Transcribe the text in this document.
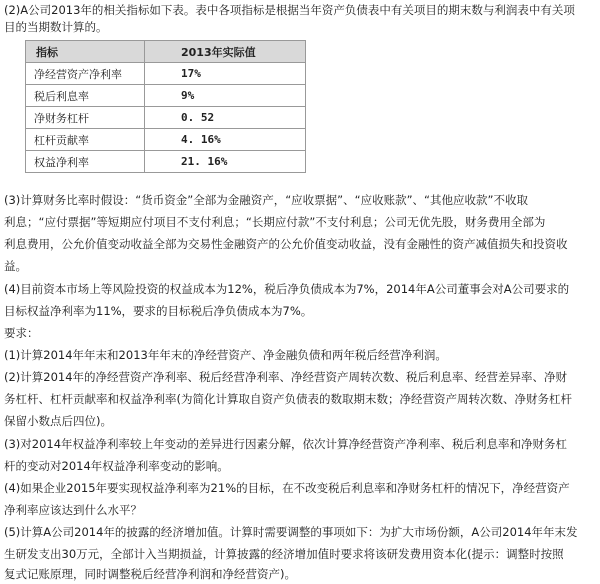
(2)A公司2013年的相关指标如下表。表中各项指标是根据当年资产负债表中有关项目的期末数与利润表中有关项
目的当期数计算的。
指标	2013年实际值
净经营资产净利率	17%
税后利息率	9%
净财务杠杆	0. 52
杠杆贡献率	4. 16%
权益净利率	21. 16%
(3)计算财务比率时假设：“货币资金”全部为金融资产，“应收票据”、“应收账款”、“其他应收款”不收取
利息；“应付票据”等短期应付项目不支付利息；“长期应付款”不支付利息；公司无优先股，财务费用全部为
利息费用，公允价值变动收益全部为交易性金融资产的公允价值变动收益，没有金融性的资产减值损失和投资收
益。
(4)目前资本市场上等风险投资的权益成本为12%，税后净负债成本为7%，2014年A公司董事会对A公司要求的
目标权益净利率为11%，要求的目标税后净负债成本为7%。
要求：
(1)计算2014年年末和2013年年末的净经营资产、净金融负债和两年税后经营净利润。
(2)计算2014年的净经营资产净利率、税后经营净利率、净经营资产周转次数、税后利息率、经营差异率、净财
务杠杆、杠杆贡献率和权益净利率(为简化计算取自资产负债表的数取期末数；净经营资产周转次数、净财务杠杆
保留小数点后四位)。
(3)对2014年权益净利率较上年变动的差异进行因素分解，依次计算净经营资产净利率、税后利息率和净财务杠
杆的变动对2014年权益净利率变动的影响。
(4)如果企业2015年要实现权益净利率为21%的目标，在不改变税后利息率和净财务杠杆的情况下，净经营资产
净利率应该达到什么水平？
(5)计算A公司2014年的披露的经济增加值。计算时需要调整的事项如下：为扩大市场份额，A公司2014年年末发
生研发支出30万元，全部计入当期损益，计算披露的经济增加值时要求将该研发费用资本化(提示：调整时按照
复式记账原理，同时调整税后经营净利润和净经营资产)。
